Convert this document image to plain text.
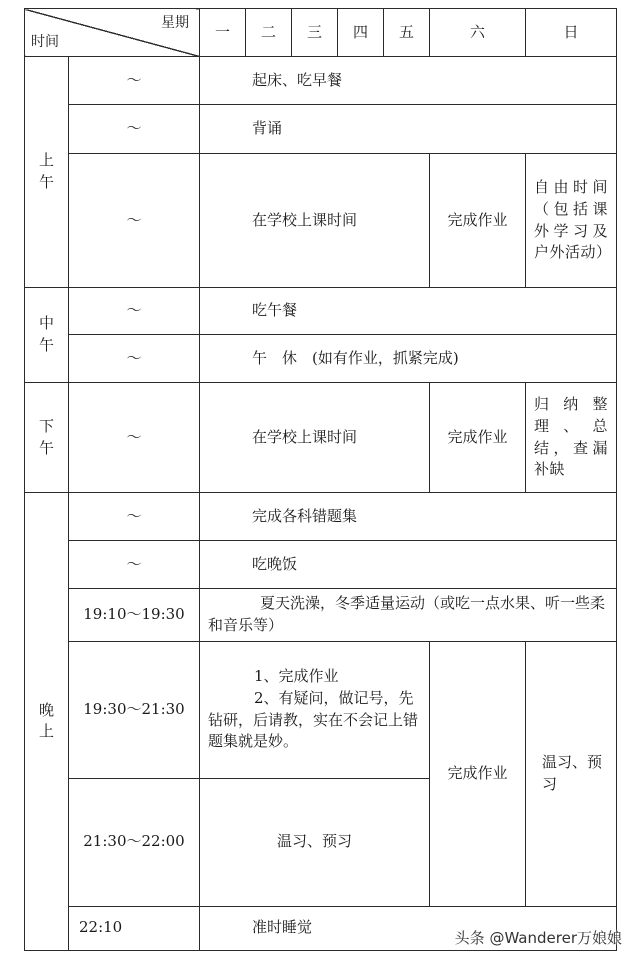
星期
时间		一	二	三	四	五	六	日
上午	～	起床、吃早餐						
	～	背诵						
	～	在学校上课时间					完成作业	自由时间（包括课外学习及户外活动）
中午	～	吃午餐						
	～	午　休　(如有作业，抓紧完成)						
下午	～	在学校上课时间					完成作业	归纳整理、总结，查漏补缺
晚上	～	完成各科错题集						
	～	吃晚饭						
	19:10～19:30	夏天洗澡，冬季适量运动（或吃一点水果、听一些柔和音乐等）						
	19:30～21:30	1、完成作业
2、有疑问，做记号，先钻研，后请教，实在不会记上错题集就是妙。					完成作业	温习、预习
	21:30～22:00	温习、预习						
	22:10	准时睡觉						
头条 @Wanderer万娘娘
